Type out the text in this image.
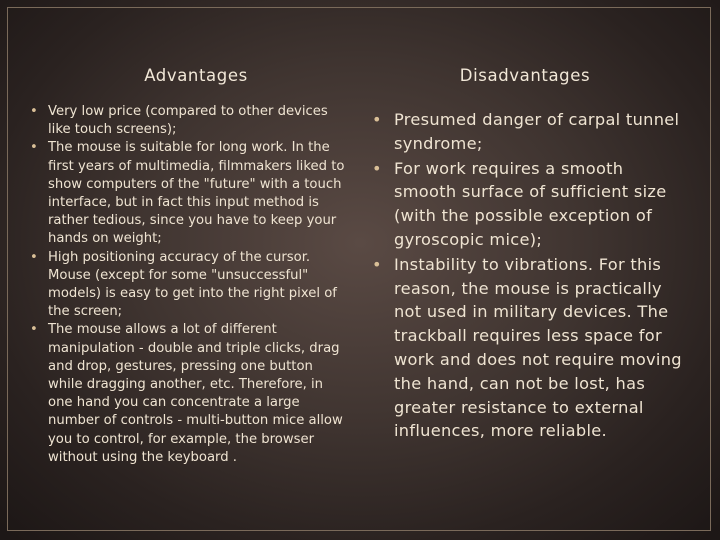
Advantages	Disadvantages
• Very low price (compared to other devices like touch screens);
• The mouse is suitable for long work. In the first years of multimedia, filmmakers liked to show computers of the "future" with a touch interface, but in fact this input method is rather tedious, since you have to keep your hands on weight;
• High positioning accuracy of the cursor. Mouse (except for some "unsuccessful" models) is easy to get into the right pixel of the screen;
• The mouse allows a lot of different manipulation - double and triple clicks, drag and drop, gestures, pressing one button while dragging another, etc. Therefore, in one hand you can concentrate a large number of controls - multi-button mice allow you to control, for example, the browser without using the keyboard .
• Presumed danger of carpal tunnel syndrome;
• For work requires a smooth smooth surface of sufficient size (with the possible exception of gyroscopic mice);
• Instability to vibrations. For this reason, the mouse is practically not used in military devices. The trackball requires less space for work and does not require moving the hand, can not be lost, has greater resistance to external influences, more reliable.
